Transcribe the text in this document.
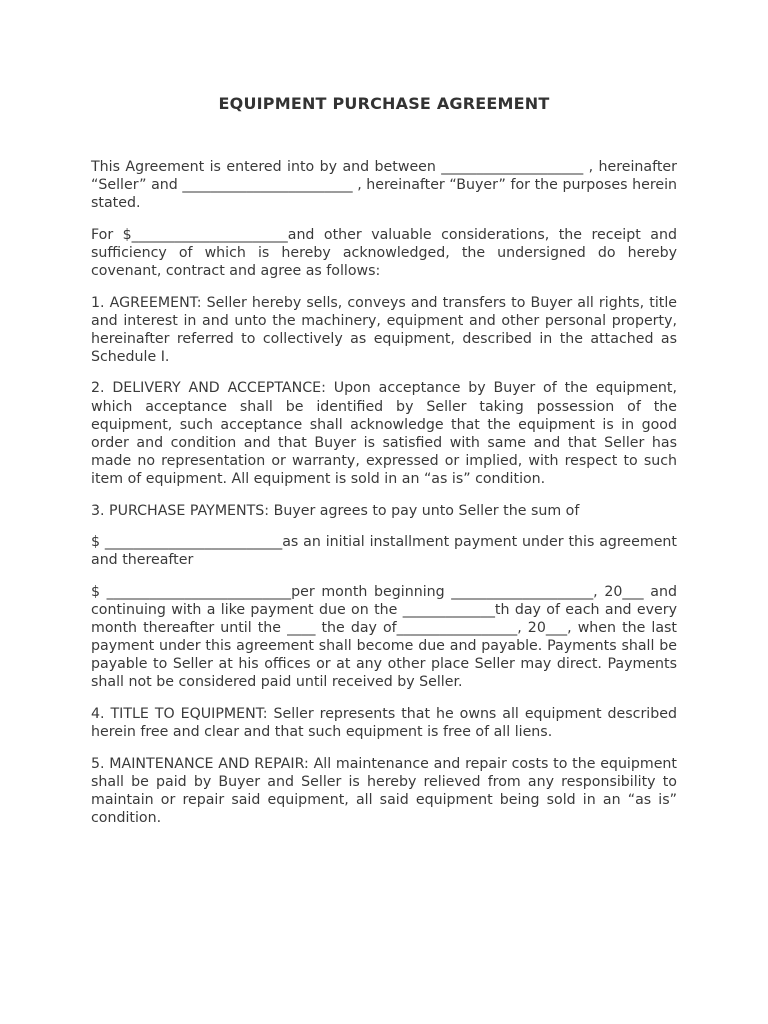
EQUIPMENT PURCHASE AGREEMENT

This Agreement is entered into by and between ____________________ , hereinafter “Seller” and ________________________ , hereinafter “Buyer” for the purposes herein stated.

For $______________________and other valuable considerations, the receipt and sufficiency of which is hereby acknowledged, the undersigned do hereby covenant, contract and agree as follows:

1. AGREEMENT: Seller hereby sells, conveys and transfers to Buyer all rights, title and interest in and unto the machinery, equipment and other personal property, hereinafter referred to collectively as equipment, described in the attached as Schedule I.

2. DELIVERY AND ACCEPTANCE: Upon acceptance by Buyer of the equipment, which acceptance shall be identified by Seller taking possession of the equipment, such acceptance shall acknowledge that the equipment is in good order and condition and that Buyer is satisfied with same and that Seller has made no representation or warranty, expressed or implied, with respect to such item of equipment. All equipment is sold in an “as is” condition.

3. PURCHASE PAYMENTS: Buyer agrees to pay unto Seller the sum of

$ _________________________as an initial installment payment under this agreement and thereafter

$ __________________________per month beginning ____________________, 20___ and continuing with a like payment due on the _____________th day of each and every month thereafter until the ____ the day of_________________, 20___, when the last payment under this agreement shall become due and payable. Payments shall be payable to Seller at his offices or at any other place Seller may direct. Payments shall not be considered paid until received by Seller.

4. TITLE TO EQUIPMENT: Seller represents that he owns all equipment described herein free and clear and that such equipment is free of all liens.

5. MAINTENANCE AND REPAIR: All maintenance and repair costs to the equipment shall be paid by Buyer and Seller is hereby relieved from any responsibility to maintain or repair said equipment, all said equipment being sold in an “as is” condition.
